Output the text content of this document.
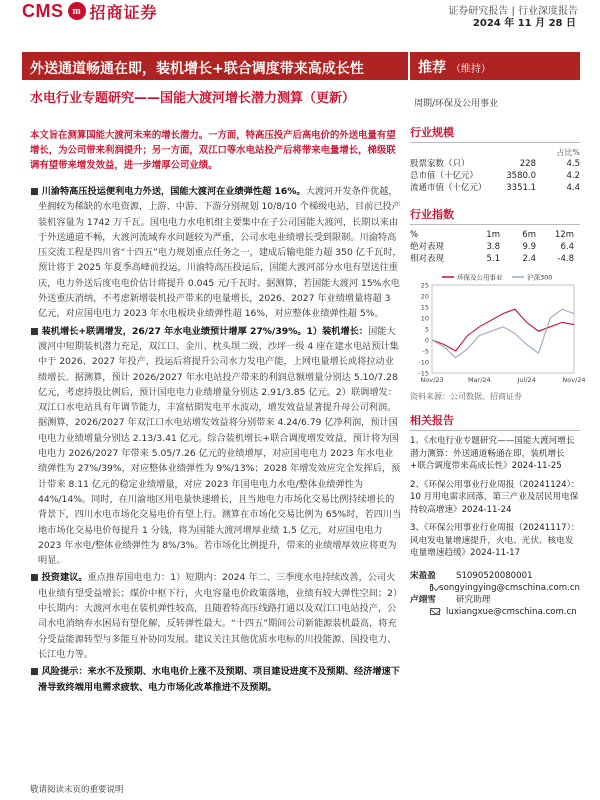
CMS m 招商证券	证券研究报告 | 行业深度报告
2024 年 11 月 28 日
外送通道畅通在即，装机增长+联合调度带来高成长性	推荐 （维持）
水电行业专题研究——国能大渡河增长潜力测算（更新）	周期/环保及公用事业
本文旨在测算国能大渡河未来的增长潜力。一方面，特高压投产后高电价的外送电量有望增长，为公司带来利润提升；另一方面，双江口等水电站投产后将带来电量增长，梯级联调有望带来增发效益，进一步增厚公司业绩。

■ 川渝特高压投运便利电力外送，国能大渡河在业绩弹性超 16%。大渡河开发条件优越，坐拥较为稀缺的水电资源，上游、中游、下游分别规划 10/8/10 个梯级电站，目前已投产装机容量为 1742 万千瓦。国电电力水电机组主要集中在子公司国能大渡河，长期以来由于外送通道不畅，大渡河流域弃水问题较为严重，公司水电业绩增长受到限制。川渝特高压交流工程是四川省“十四五”电力规划重点任务之一，建成后输电能力超 350 亿千瓦时，预计将于 2025 年夏季高峰前投运，川渝特高压投运后，国能大渡河部分水电有望送往重庆，电力外送后度电电价估计将提升 0.045 元/千瓦时。据测算，若国能大渡河 15%水电外送重庆消纳，不考虑新增装机投产带来的电量增长，2026、2027 年业绩增量将超 3 亿元，对应国电电力 2023 年水电板块业绩弹性超 16%，对应整体业绩弹性超 5%。

■ 装机增长+联调增发，26/27 年水电业绩预计增厚 27%/39%。1）装机增长：国能大渡河中短期装机潜力充足，双江口、金川、枕头坝二级、沙坪一级 4 座在建水电站预计集中于 2026、2027 年投产，投运后将提升公司水力发电产能，上网电量增长或将拉动业绩增长。据测算，预计 2026/2027 年水电站投产带来的利润总额增量分别达 5.10/7.28 亿元，考虑持股比例后，预计国电电力业绩增量分别达 2.91/3.85 亿元。2）联调增发：双江口水电站具有年调节能力，丰富枯期发电平水波动，增发效益显著提升母公司利润。据测算，2026/2027 年双江口水电站增发效益将分别带来 4.24/6.79 亿净利润，预计国电电力业绩增量分别达 2.13/3.41 亿元。综合装机增长+联合调度增发效益，预计将为国电电力 2026/2027 年带来 5.05/7.26 亿元的业绩增厚，对应国电电力 2023 年水电业绩弹性为 27%/39%，对应整体业绩弹性为 9%/13%；2028 年增发效应完全发挥后，预计带来 8.11 亿元的稳定业绩增量，对应 2023 年国电电力水电/整体业绩弹性为 44%/14%。同时，在川渝地区用电量快速增长，且当地电力市场化交易比例持续增长的背景下，四川水电市场化交易电价有望上行。测算在市场化交易比例为 65%时，若四川当地市场化交易电价每提升 1 分钱，将为国能大渡河增厚业绩 1.5 亿元，对应国电电力 2023 年水电/整体业绩弹性为 8%/3%。若市场化比例提升，带来的业绩增厚效应将更为明显。

■ 投资建议。重点推荐国电电力：1）短期内：2024 年二、三季度水电持续改善，公司火电业绩有望受益增长；煤价中枢下行，火电容量电价政策落地，业绩有较大弹性空间；2）中长期内：大渡河水电在装机弹性较高，且随着特高压线路打通以及双江口电站投产，公司水电消纳弃水困局有望化解，反转弹性最大。“十四五”期间公司新能源装机最高，将充分受益能源转型与多能互补协同发展。建议关注其他优质水电标的川投能源、国投电力、长江电力等。

■ 风险提示：来水不及预期、水电电价上涨不及预期、项目建设进度不及预期、经济增速下滑导致终端用电需求疲软、电力市场化改革推进不及预期。

行业规模
占比%
股票家数（只）	228	4.5
总市值（十亿元）	3580.0	4.2
流通市值（十亿元）	3351.1	4.4
行业指数
%	1m	6m	12m
绝对表现	3.8	9.9	6.4
相对表现	5.1	2.4	-4.8
25
20
15
10
5
0
-5
-10
-15
Nov/23	Mar/24	Jul/24	Nov/24
环保及公用事业	沪深300
资料来源：公司数据、招商证券
相关报告
1、《水电行业专题研究——国能大渡河增长潜力测算：外送通道畅通在即，装机增长+联合调度带来高成长性》2024-11-25
2、《环保公用事业行业周报（20241124）：10 月用电需求回落，第三产业及居民用电保持较高增速》2024-11-24
3、《环保公用事业行业周报（20241117）：风电发电量增速提升，火电、光伏、核电发电量增速趋缓》2024-11-17
宋盈盈	S1090520080001
songyingying@cmschina.com.cn
卢翊雪	研究助理
luxiangxue@cmschina.com.cn
敬请阅读末页的重要说明
